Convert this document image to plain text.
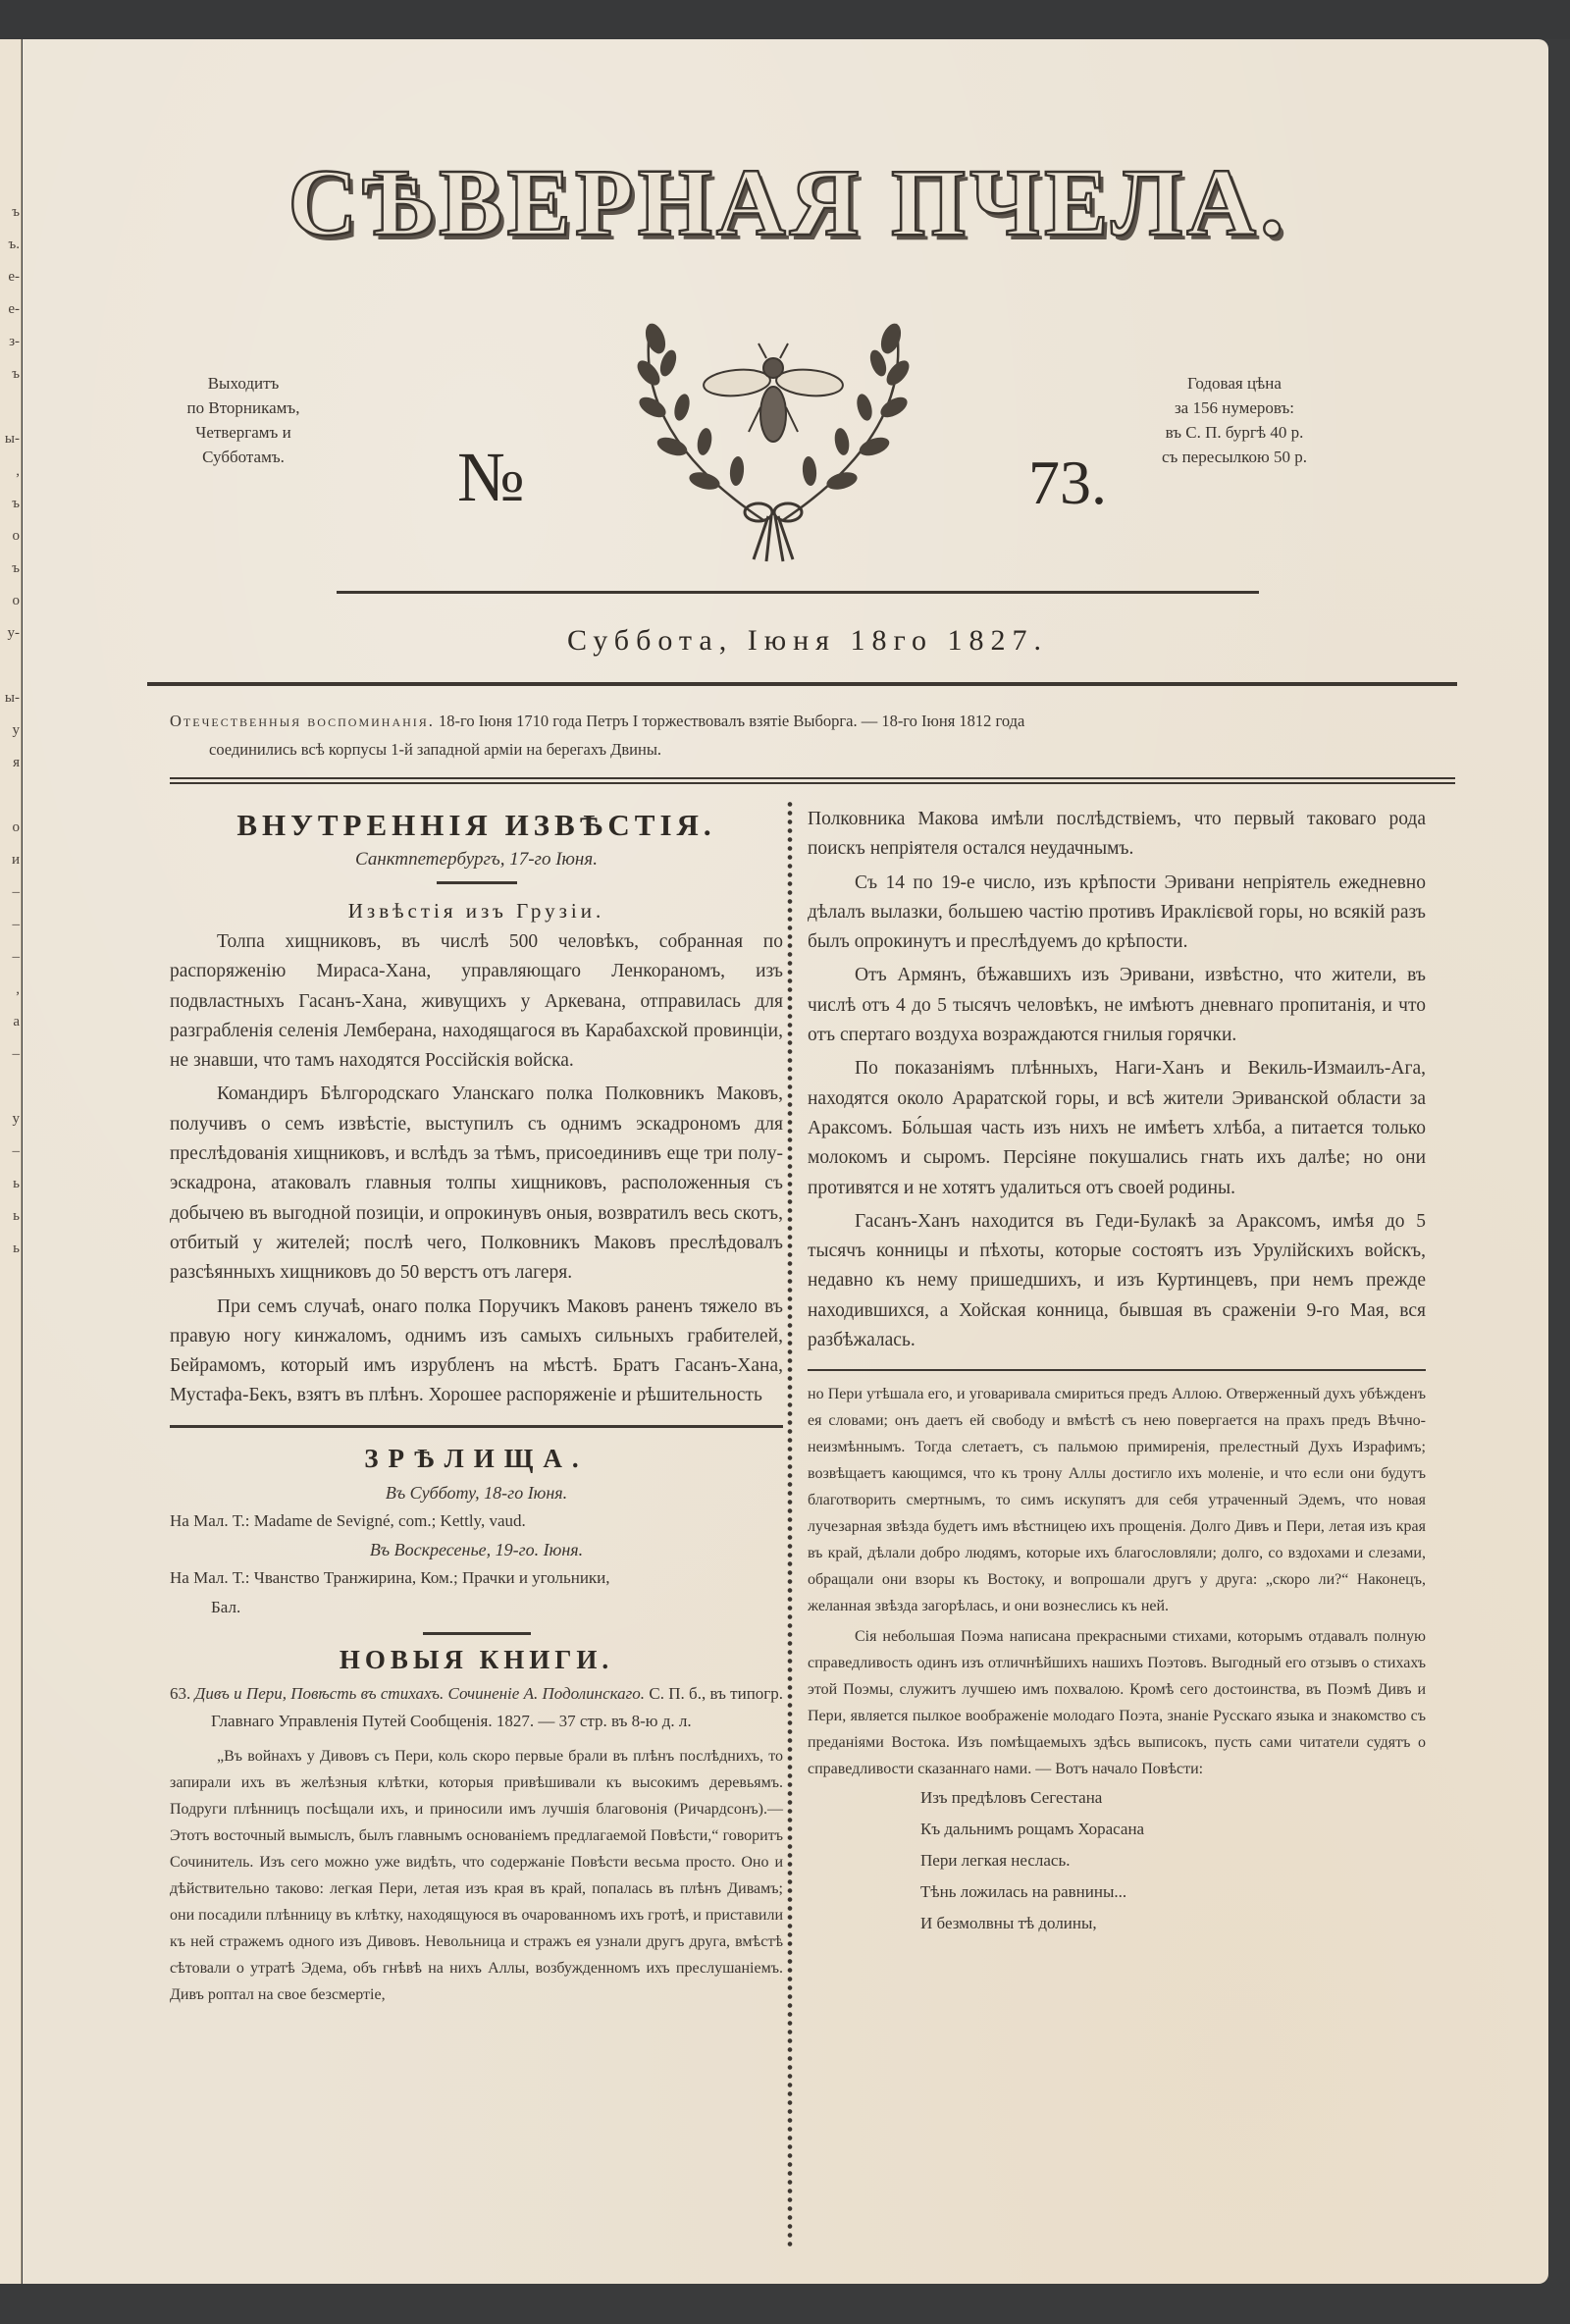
ъ
ъ.
е-
е-
з-
ъ

ы-
,
ъ
о
ъ
о
у-

ы-
у
я

о
и
–
–
–
,
а
–

у
–
ь
ь
ь
СѢВЕРНАЯ ПЧЕЛА.
Выходитъ
по Вторникамъ,
Четвергамъ и
Субботамъ.
Годовая цѣна
за 156 нумеровъ:
въ С. П. бургѣ 40 р.
съ пересылкою 50 р.
№	73.
Суббота, Іюня 18го 1827.
Отечественныя воспоминанія. 18-го Іюня 1710 года Петръ I торжествовалъ взятіе Выборга. — 18-го Іюня 1812 года
соединились всѣ корпусы 1-й западной арміи на берегахъ Двины.
ВНУТРЕННІЯ ИЗВѢСТІЯ.
Санктпетербургъ, 17-го Іюня.
Извѣстія изъ Грузіи.

Толпа хищниковъ, въ числѣ 500 человѣкъ, собранная по распоряженію Мираса-Хана, управляющаго Ленкораномъ, изъ подвластныхъ Гасанъ-Хана, живущихъ у Аркевана, отправилась для разграбленія селенія Лемберана, находящагося въ Карабахской провинціи, не знавши, что тамъ находятся Россійскія войска.

Командиръ Бѣлгородскаго Уланскаго полка Полковникъ Маковъ, получивъ о семъ извѣстіе, выступилъ съ однимъ эскадрономъ для преслѣдованія хищниковъ, и вслѣдъ за тѣмъ, присоединивъ еще три полу-эскадрона, атаковалъ главныя толпы хищниковъ, расположенныя съ добычею въ выгодной позиціи, и опрокинувъ оныя, возвратилъ весь скотъ, отбитый у жителей; послѣ чего, Полковникъ Маковъ преслѣдовалъ разсѣянныхъ хищниковъ до 50 верстъ отъ лагеря.

При семъ случаѣ, онаго полка Поручикъ Маковъ раненъ тяжело въ правую ногу кинжаломъ, однимъ изъ самыхъ сильныхъ грабителей, Бейрамомъ, который имъ изрубленъ на мѣстѣ. Братъ Гасанъ-Хана, Мустафа-Бекъ, взятъ въ плѣнъ. Хорошее распоряженіе и рѣшительность

ЗРѢЛИЩА.
Въ Субботу, 18-го Іюня.
На Мал. Т.: Madame de Sevigné, com.; Kettly, vaud.
Въ Воскресенье, 19-го. Іюня.
На Мал. Т.: Чванство Транжирина, Ком.; Прачки и угольники,
Бал.
НОВЫЯ КНИГИ.
63. Дивъ и Пери, Повѣсть въ стихахъ. Сочиненіе А. Подолинскаго. С. П. б., въ типогр. Главнаго Управленія Путей Сообщенія. 1827. — 37 стр. въ 8-ю д. л.

„Въ войнахъ у Дивовъ съ Пери, коль скоро первые брали въ плѣнъ послѣднихъ, то запирали ихъ въ желѣзныя клѣтки, которыя привѣшивали къ высокимъ деревьямъ. Подруги плѣнницъ посѣщали ихъ, и приносили имъ лучшія благовонія (Ричардсонъ).— Этотъ восточный вымыслъ, былъ главнымъ основаніемъ предлагаемой Повѣсти,“ говоритъ Сочинитель. Изъ сего можно уже видѣть, что содержаніе Повѣсти весьма просто. Оно и дѣйствительно таково: легкая Пери, летая изъ края въ край, попалась въ плѣнъ Дивамъ; они посадили плѣнницу въ клѣтку, находящуюся въ очарованномъ ихъ гротѣ, и приставили къ ней стражемъ одного изъ Дивовъ. Невольница и стражъ ея узнали другъ друга, вмѣстѣ сѣтовали о утратѣ Эдема, объ гнѣвѣ на нихъ Аллы, возбужденномъ ихъ преслушаніемъ. Дивъ роптал на свое безсмертіе,

Полковника Макова имѣли послѣдствіемъ, что первый таковаго рода поискъ непріятеля остался неудачнымъ.

Съ 14 по 19-е число, изъ крѣпости Эривани непріятель ежедневно дѣлалъ вылазки, большею частію противъ Ираклієвой горы, но всякій разъ былъ опрокинутъ и преслѣдуемъ до крѣпости.

Отъ Армянъ, бѣжавшихъ изъ Эривани, извѣстно, что жители, въ числѣ отъ 4 до 5 тысячъ человѣкъ, не имѣютъ дневнаго пропитанія, и что отъ спертаго воздуха возраждаются гнилыя горячки.

По показаніямъ плѣнныхъ, Наги-Ханъ и Векиль-Измаилъ-Ага, находятся около Араратской горы, и всѣ жители Эриванской области за Араксомъ. Бо́льшая часть изъ нихъ не имѣетъ хлѣба, а питается только молокомъ и сыромъ. Персіяне покушались гнать ихъ далѣе; но они противятся и не хотятъ удалиться отъ своей родины.

Гасанъ-Ханъ находится въ Геди-Булакѣ за Араксомъ, имѣя до 5 тысячъ конницы и пѣхоты, которые состоятъ изъ Урулійскихъ войскъ, недавно къ нему пришедшихъ, и изъ Куртинцевъ, при немъ прежде находившихся, а Хойская конница, бывшая въ сраженіи 9-го Мая, вся разбѣжалась.

но Пери утѣшала его, и уговаривала смириться предъ Аллою. Отверженный духъ убѣжденъ ея словами; онъ даетъ ей свободу и вмѣстѣ съ нею повергается на прахъ предъ Вѣчно-неизмѣннымъ. Тогда слетаетъ, съ пальмою примиренія, прелестный Духъ Израфимъ; возвѣщаетъ кающимся, что къ трону Аллы достигло ихъ моленіе, и что если они будутъ благотворить смертнымъ, то симъ искупятъ для себя утраченный Эдемъ, что новая лучезарная звѣзда будетъ имъ вѣстницею ихъ прощенія. Долго Дивъ и Пери, летая изъ края въ край, дѣлали добро людямъ, которые ихъ благословляли; долго, со вздохами и слезами, обращали они взоры къ Востоку, и вопрошали другъ у друга: „скоро ли?“ Наконецъ, желанная звѣзда загорѣлась, и они вознеслись къ ней.

Сія небольшая Поэма написана прекрасными стихами, которымъ отдавалъ полную справедливость одинъ изъ отличнѣйшихъ нашихъ Поэтовъ. Выгодный его отзывъ о стихахъ этой Поэмы, служитъ лучшею имъ похвалою. Кромѣ сего достоинства, въ Поэмѣ Дивъ и Пери, является пылкое воображеніе молодаго Поэта, знаніе Русскаго языка и знакомство съ преданіями Востока. Изъ помѣщаемыхъ здѣсь выписокъ, пусть сами читатели судятъ о справедливости сказаннаго нами. — Вотъ начало Повѣсти:

Изъ предѣловъ Сегестана
Къ дальнимъ рощамъ Хорасана
Пери легкая неслась.
Тѣнь ложилась на равнины...
И безмолвны тѣ долины,
